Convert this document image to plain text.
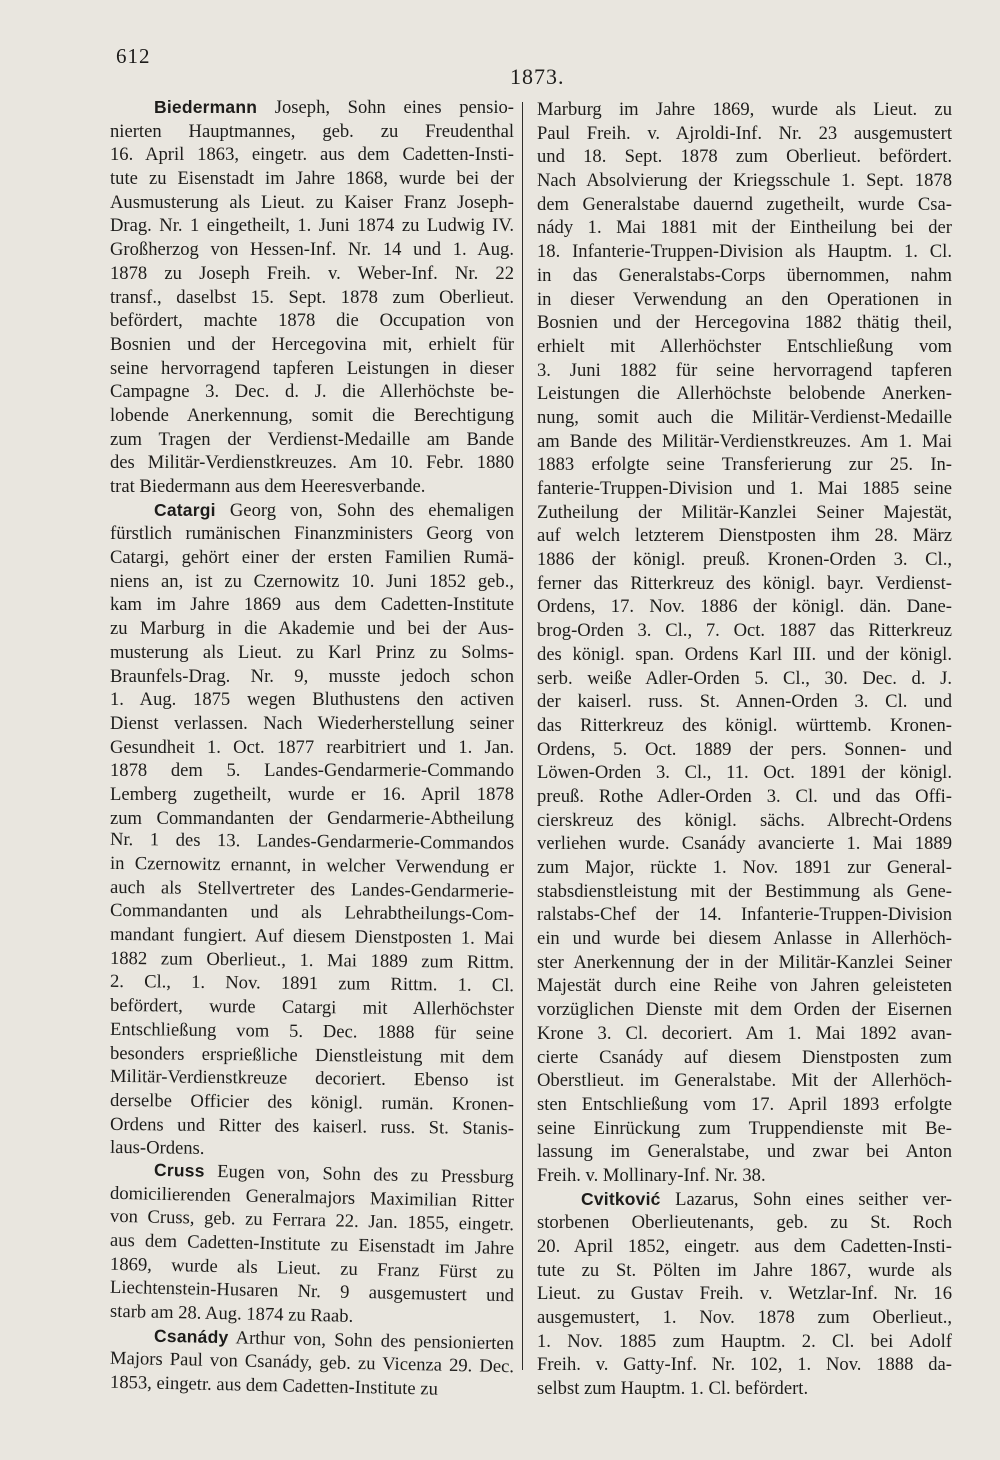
612
1873.
Biedermann Joseph, Sohn eines pensio-
nierten Hauptmannes, geb. zu Freudenthal
16. April 1863, eingetr. aus dem Cadetten-Insti-
tute zu Eisenstadt im Jahre 1868, wurde bei der
Ausmusterung als Lieut. zu Kaiser Franz Joseph-
Drag. Nr. 1 eingetheilt, 1. Juni 1874 zu Ludwig IV.
Großherzog von Hessen-Inf. Nr. 14 und 1. Aug.
1878 zu Joseph Freih. v. Weber-Inf. Nr. 22
transf., daselbst 15. Sept. 1878 zum Oberlieut.
befördert, machte 1878 die Occupation von
Bosnien und der Hercegovina mit, erhielt für
seine hervorragend tapferen Leistungen in dieser
Campagne 3. Dec. d. J. die Allerhöchste be-
lobende Anerkennung, somit die Berechtigung
zum Tragen der Verdienst-Medaille am Bande
des Militär-Verdienstkreuzes. Am 10. Febr. 1880
trat Biedermann aus dem Heeresverbande.
Catargi Georg von, Sohn des ehemaligen
fürstlich rumänischen Finanzministers Georg von
Catargi, gehört einer der ersten Familien Rumä-
niens an, ist zu Czernowitz 10. Juni 1852 geb.,
kam im Jahre 1869 aus dem Cadetten-Institute
zu Marburg in die Akademie und bei der Aus-
musterung als Lieut. zu Karl Prinz zu Solms-
Braunfels-Drag. Nr. 9, musste jedoch schon
1. Aug. 1875 wegen Bluthustens den activen
Dienst verlassen. Nach Wiederherstellung seiner
Gesundheit 1. Oct. 1877 rearbitriert und 1. Jan.
1878 dem 5. Landes-Gendarmerie-Commando
Lemberg zugetheilt, wurde er 16. April 1878
zum Commandanten der Gendarmerie-Abtheilung
Nr. 1 des 13. Landes-Gendarmerie-Commandos
in Czernowitz ernannt, in welcher Verwendung er
auch als Stellvertreter des Landes-Gendarmerie-
Commandanten und als Lehrabtheilungs-Com-
mandant fungiert. Auf diesem Dienstposten 1. Mai
1882 zum Oberlieut., 1. Mai 1889 zum Rittm.
2. Cl., 1. Nov. 1891 zum Rittm. 1. Cl.
befördert, wurde Catargi mit Allerhöchster
Entschließung vom 5. Dec. 1888 für seine
besonders ersprießliche Dienstleistung mit dem
Militär-Verdienstkreuze decoriert. Ebenso ist
derselbe Officier des königl. rumän. Kronen-
Ordens und Ritter des kaiserl. russ. St. Stanis-
laus-Ordens.
Cruss Eugen von, Sohn des zu Pressburg
domicilierenden Generalmajors Maximilian Ritter
von Cruss, geb. zu Ferrara 22. Jan. 1855, eingetr.
aus dem Cadetten-Institute zu Eisenstadt im Jahre
1869, wurde als Lieut. zu Franz Fürst zu
Liechtenstein-Husaren Nr. 9 ausgemustert und
starb am 28. Aug. 1874 zu Raab.
Csanády Arthur von, Sohn des pensionierten
Majors Paul von Csanády, geb. zu Vicenza 29. Dec.
1853, eingetr. aus dem Cadetten-Institute zu
Marburg im Jahre 1869, wurde als Lieut. zu
Paul Freih. v. Ajroldi-Inf. Nr. 23 ausgemustert
und 18. Sept. 1878 zum Oberlieut. befördert.
Nach Absolvierung der Kriegsschule 1. Sept. 1878
dem Generalstabe dauernd zugetheilt, wurde Csa-
nády 1. Mai 1881 mit der Eintheilung bei der
18. Infanterie-Truppen-Division als Hauptm. 1. Cl.
in das Generalstabs-Corps übernommen, nahm
in dieser Verwendung an den Operationen in
Bosnien und der Hercegovina 1882 thätig theil,
erhielt mit Allerhöchster Entschließung vom
3. Juni 1882 für seine hervorragend tapferen
Leistungen die Allerhöchste belobende Anerken-
nung, somit auch die Militär-Verdienst-Medaille
am Bande des Militär-Verdienstkreuzes. Am 1. Mai
1883 erfolgte seine Transferierung zur 25. In-
fanterie-Truppen-Division und 1. Mai 1885 seine
Zutheilung der Militär-Kanzlei Seiner Majestät,
auf welch letzterem Dienstposten ihm 28. März
1886 der königl. preuß. Kronen-Orden 3. Cl.,
ferner das Ritterkreuz des königl. bayr. Verdienst-
Ordens, 17. Nov. 1886 der königl. dän. Dane-
brog-Orden 3. Cl., 7. Oct. 1887 das Ritterkreuz
des königl. span. Ordens Karl III. und der königl.
serb. weiße Adler-Orden 5. Cl., 30. Dec. d. J.
der kaiserl. russ. St. Annen-Orden 3. Cl. und
das Ritterkreuz des königl. württemb. Kronen-
Ordens, 5. Oct. 1889 der pers. Sonnen- und
Löwen-Orden 3. Cl., 11. Oct. 1891 der königl.
preuß. Rothe Adler-Orden 3. Cl. und das Offi-
cierskreuz des königl. sächs. Albrecht-Ordens
verliehen wurde. Csanády avancierte 1. Mai 1889
zum Major, rückte 1. Nov. 1891 zur General-
stabsdienstleistung mit der Bestimmung als Gene-
ralstabs-Chef der 14. Infanterie-Truppen-Division
ein und wurde bei diesem Anlasse in Allerhöch-
ster Anerkennung der in der Militär-Kanzlei Seiner
Majestät durch eine Reihe von Jahren geleisteten
vorzüglichen Dienste mit dem Orden der Eisernen
Krone 3. Cl. decoriert. Am 1. Mai 1892 avan-
cierte Csanády auf diesem Dienstposten zum
Oberstlieut. im Generalstabe. Mit der Allerhöch-
sten Entschließung vom 17. April 1893 erfolgte
seine Einrückung zum Truppendienste mit Be-
lassung im Generalstabe, und zwar bei Anton
Freih. v. Mollinary-Inf. Nr. 38.
Cvitković Lazarus, Sohn eines seither ver-
storbenen Oberlieutenants, geb. zu St. Roch
20. April 1852, eingetr. aus dem Cadetten-Insti-
tute zu St. Pölten im Jahre 1867, wurde als
Lieut. zu Gustav Freih. v. Wetzlar-Inf. Nr. 16
ausgemustert, 1. Nov. 1878 zum Oberlieut.,
1. Nov. 1885 zum Hauptm. 2. Cl. bei Adolf
Freih. v. Gatty-Inf. Nr. 102, 1. Nov. 1888 da-
selbst zum Hauptm. 1. Cl. befördert.
